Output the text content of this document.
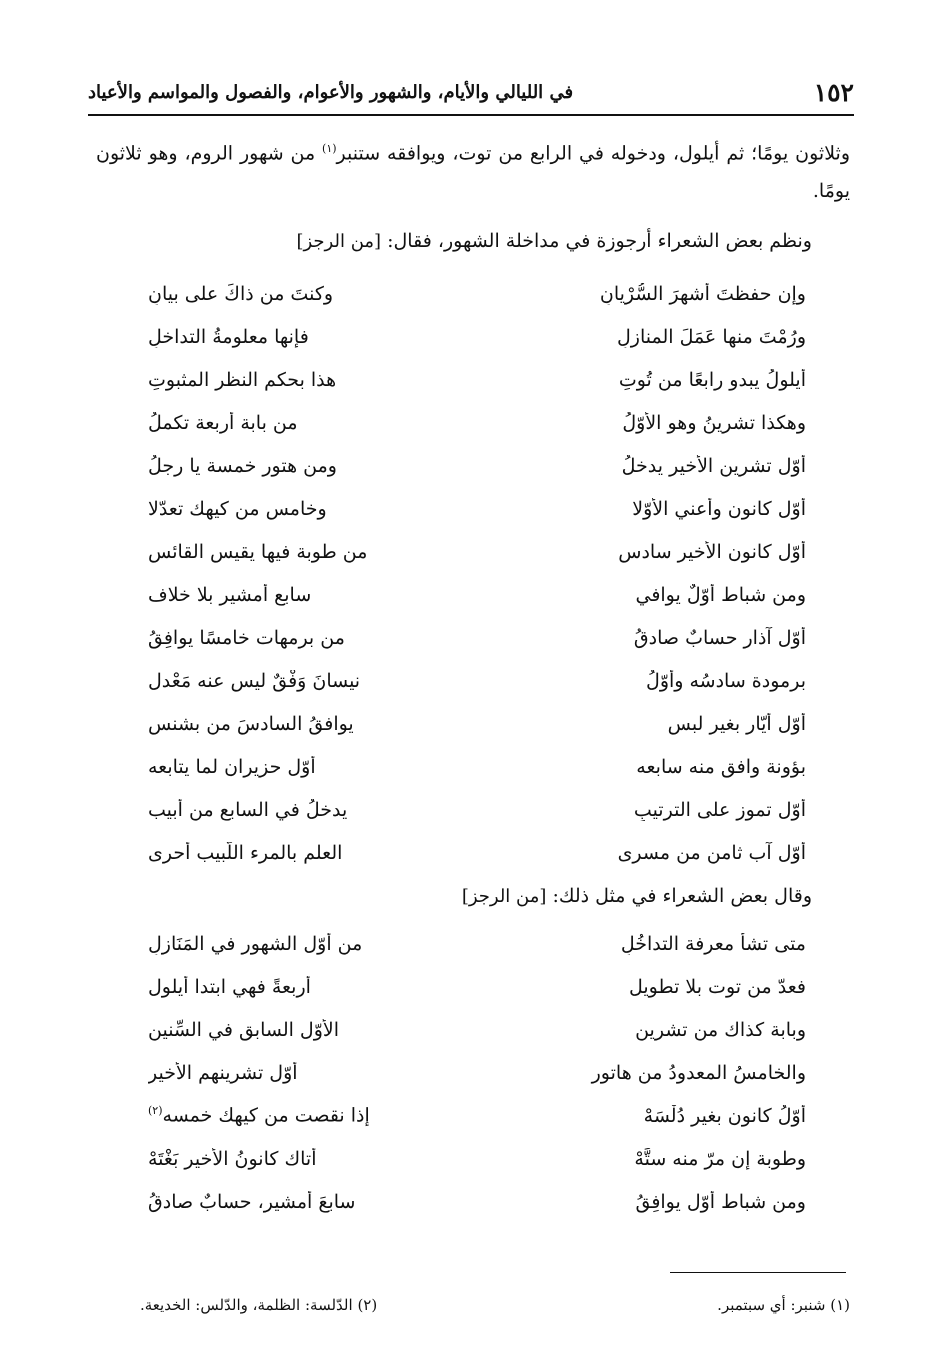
١٥٢
في الليالي والأيام، والشهور والأعوام، والفصول والمواسم والأعياد

وثلاثون يومًا؛ ثم أيلول، ودخوله في الرابع من توت، ويوافقه ستنبر$^{(١)}$ من شهور الروم، وهو ثلاثون يومًا.

ونظم بعض الشعراء أرجوزة في مداخلة الشهور، فقال: [من الرجز]

وإن حفظتَ أشهرَ السُّرْيانِ
وكنتَ من ذاكَ على بيانِ
ورُمْتَ منها عَمَلَ المنازلِ
فإنها معلومةُ التداخلِ
أيلولُ يبدو رابعًا من تُوتِ
هذا بحكم النظر المثبوتِ
وهكذا تشرينُ وهو الأوّلُ
من بابة أربعة تكملُ
أوّل تشرين الأخير يدخلُ
ومن هتور خمسة يا رجلُ
أوّل كانون وأعني الأوّلا
وخامس من كيهك تعدّلا
أوّل كانون الأخير سادس
من طوبة فيها يقيس القائس
ومن شباط أوّلٌ يوافي
سابع أمشير بلا خلاف
أوّل آذار حسابٌ صادقُ
من برمهات خامسًا يوافِقُ
برمودة سادسُه وأوّلُ
نيسانَ وَفْقٌ ليس عنه مَعْدل
أوّل أيّار بغير لبسِ
يوافقُ السادسَ من بشنسِ
بؤونة وافق منه سابعه
أوّل حزيران لما يتابعه
أوّل تموز على الترتيبِ
يدخلُ في السابع من أبيب
أوّل آب ثامن من مسرى
العلم بالمرء اللّبيب أحرى

وقال بعض الشعراء في مثل ذلك: [من الرجز]

متى تشأ معرفة التداخُلِ
من أوّل الشهور في المَنَازلِ
فعدّ من توت بلا تطويل
أربعةً فهي ابتدا أيلول
وبابة كذاك من تشرين
الأوّل السابق في السِّنين
والخامسُ المعدودُ من هاتور
أوّل تشرينهم الأخيرِ
أوّلُ كانون بغير دُلْسَهْ
إذا نقصت من كيهك خمسه$^{(٢)}$
وطوبة إن مرّ منه ستَّهْ
أتاك كانونُ الأخير بَغْتَهْ
ومن شباط أوّل يوافِقُ
سابعَ أمشير، حسابٌ صادقُ
(١) شنبر: أي سبتمبر.
(٢) الدّلسة: الظلمة، والدّلس: الخديعة.
